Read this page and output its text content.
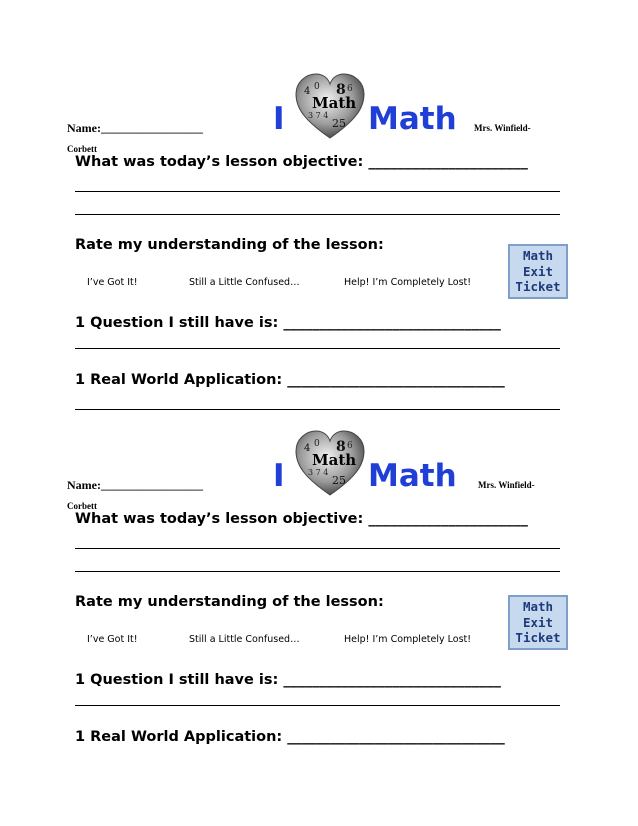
Name:_________________ I
4 0 8 6
Math
3 7 4
25 Math Mrs. Winfield-
Corbett
What was today’s lesson objective: ______________________
Rate my understanding of the lesson:
I’ve Got It!	Still a Little Confused…	Help! I’m Completely Lost!
Math
Exit
Ticket
1 Question I still have is: ______________________________
1 Real World Application: ______________________________
Name:_________________ I
4 0 8 6
Math
3 7 4
25 Math Mrs. Winfield-
Corbett
What was today’s lesson objective: ______________________
Rate my understanding of the lesson:
I’ve Got It!	Still a Little Confused…	Help! I’m Completely Lost!
Math
Exit
Ticket
1 Question I still have is: ______________________________
1 Real World Application: ______________________________
